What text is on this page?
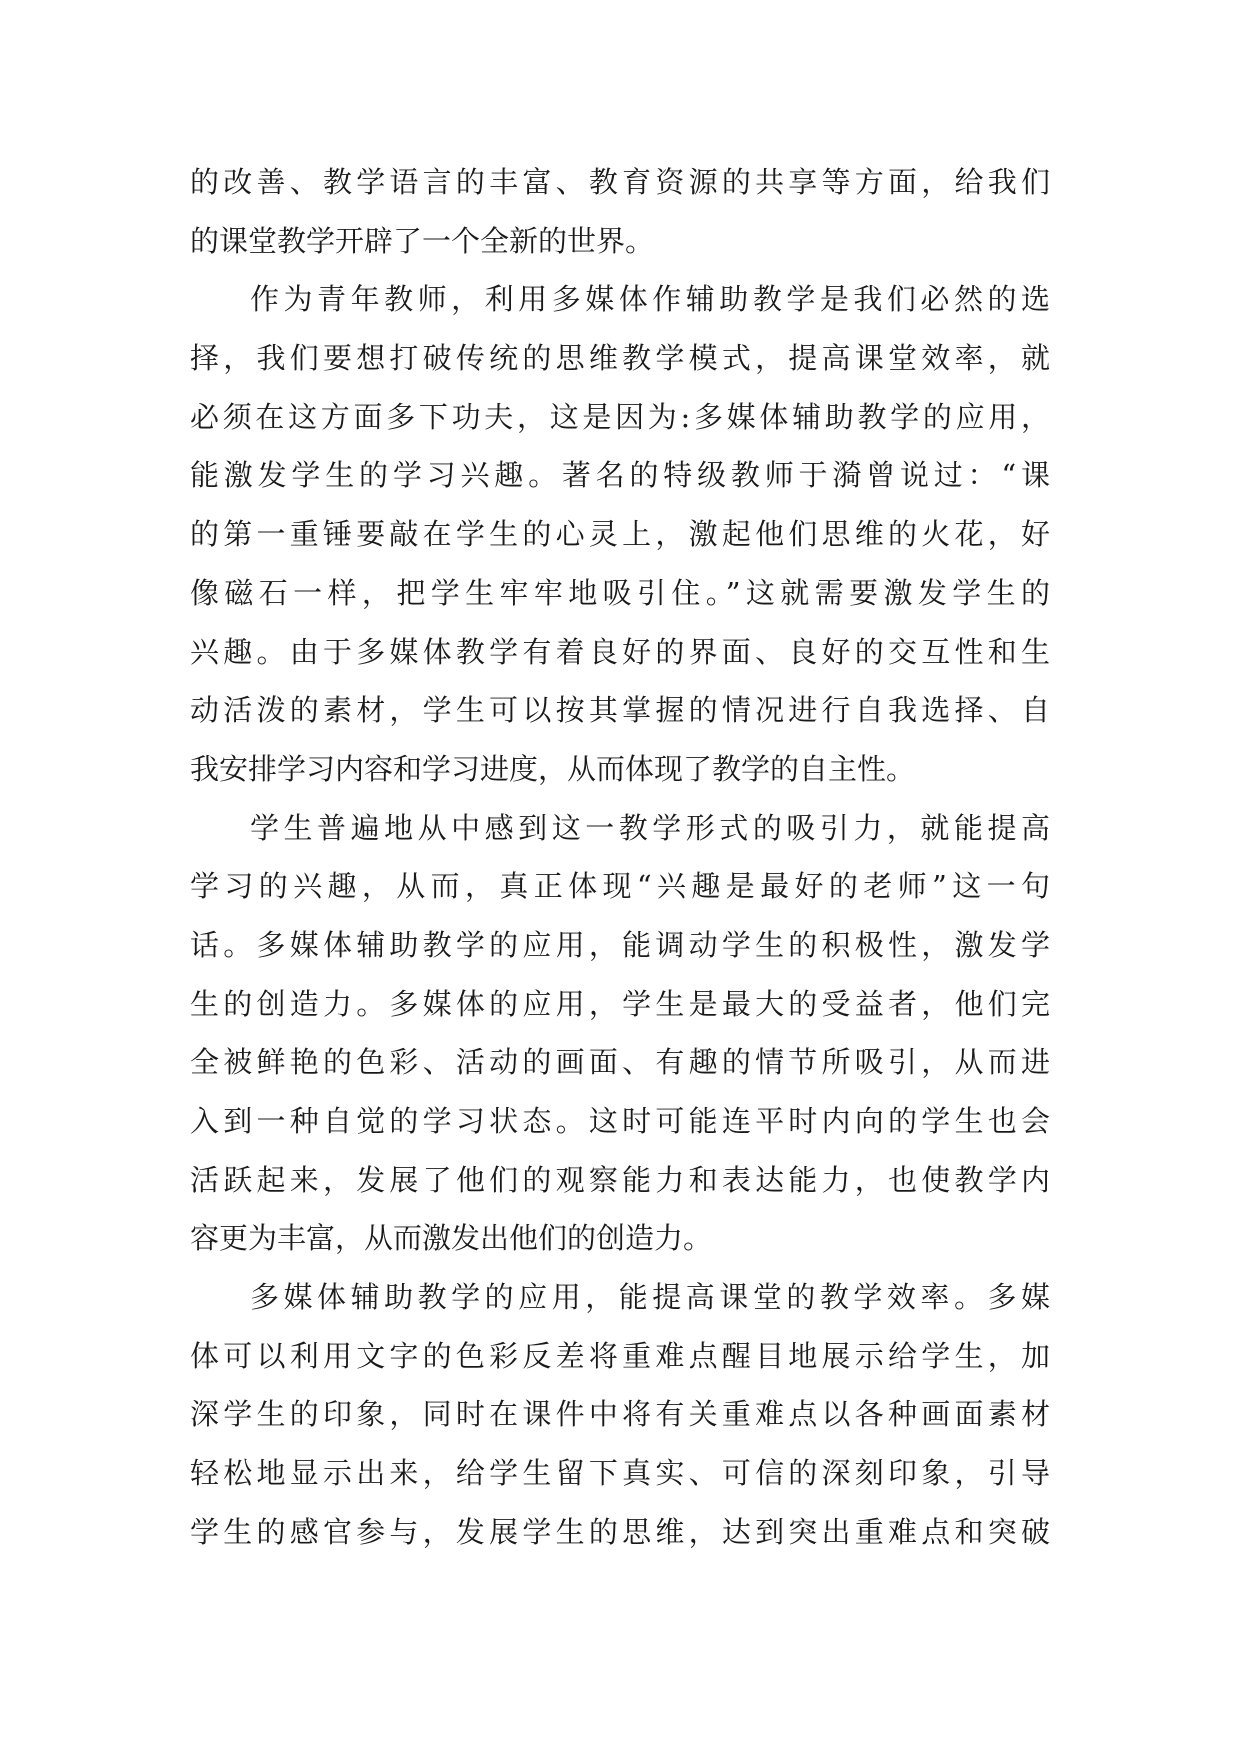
的改善、教学语言的丰富、教育资源的共享等方面，给我们
的课堂教学开辟了一个全新的世界。
作为青年教师，利用多媒体作辅助教学是我们必然的选
择，我们要想打破传统的思维教学模式，提高课堂效率，就
必须在这方面多下功夫，这是因为:多媒体辅助教学的应用，
能激发学生的学习兴趣。著名的特级教师于漪曾说过：“课
的第一重锤要敲在学生的心灵上，激起他们思维的火花，好
像磁石一样，把学生牢牢地吸引住。”这就需要激发学生的
兴趣。由于多媒体教学有着良好的界面、良好的交互性和生
动活泼的素材，学生可以按其掌握的情况进行自我选择、自
我安排学习内容和学习进度，从而体现了教学的自主性。
学生普遍地从中感到这一教学形式的吸引力，就能提高
学习的兴趣，从而，真正体现“兴趣是最好的老师”这一句
话。多媒体辅助教学的应用，能调动学生的积极性，激发学
生的创造力。多媒体的应用，学生是最大的受益者，他们完
全被鲜艳的色彩、活动的画面、有趣的情节所吸引，从而进
入到一种自觉的学习状态。这时可能连平时内向的学生也会
活跃起来，发展了他们的观察能力和表达能力，也使教学内
容更为丰富，从而激发出他们的创造力。
多媒体辅助教学的应用，能提高课堂的教学效率。多媒
体可以利用文字的色彩反差将重难点醒目地展示给学生，加
深学生的印象，同时在课件中将有关重难点以各种画面素材
轻松地显示出来，给学生留下真实、可信的深刻印象，引导
学生的感官参与，发展学生的思维，达到突出重难点和突破
